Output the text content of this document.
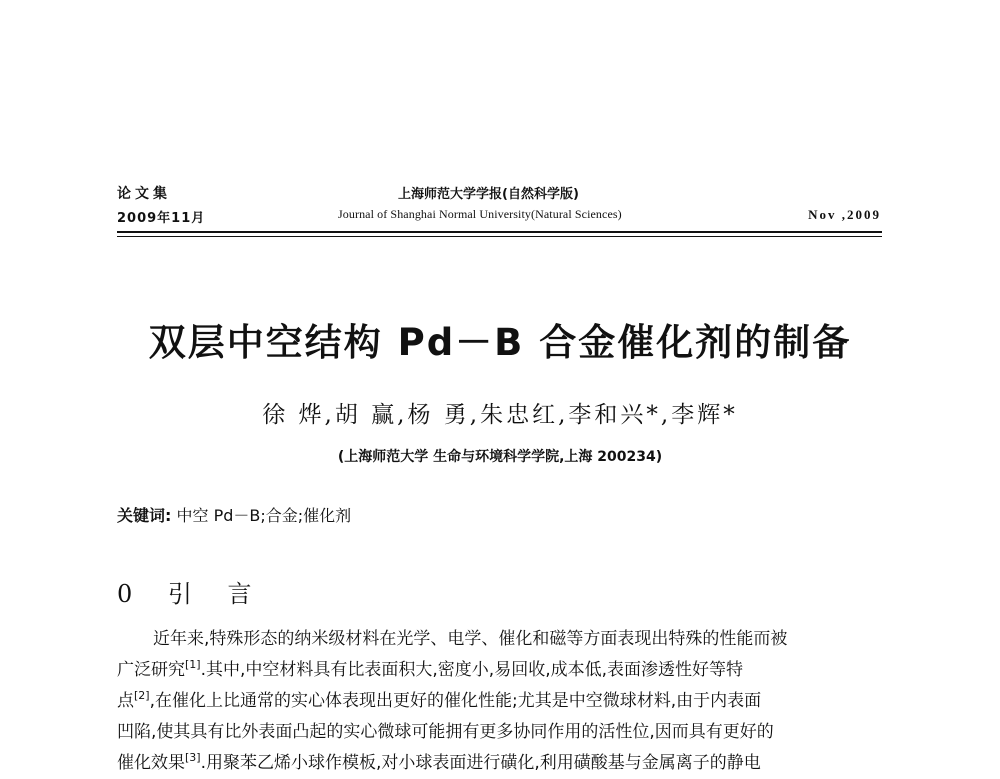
论文集
2009年11月
上海师范大学学报(自然科学版)
Journal of Shanghai Normal University(Natural Sciences)	Nov ,2009
双层中空结构 Pd－B 合金催化剂的制备
徐 烨,胡 赢,杨 勇,朱忠红,李和兴*,李辉*
(上海师范大学 生命与环境科学学院,上海 200234)
关键词: 中空 Pd－B;合金;催化剂
0 引 言
近年来,特殊形态的纳米级材料在光学、电学、催化和磁等方面表现出特殊的性能而被
广泛研究[1].其中,中空材料具有比表面积大,密度小,易回收,成本低,表面渗透性好等特
点[2],在催化上比通常的实心体表现出更好的催化性能;尤其是中空微球材料,由于内表面
凹陷,使其具有比外表面凸起的实心微球可能拥有更多协同作用的活性位,因而具有更好的
催化效果[3].用聚苯乙烯小球作模板,对小球表面进行磺化,利用磺酸基与金属离子的静电
